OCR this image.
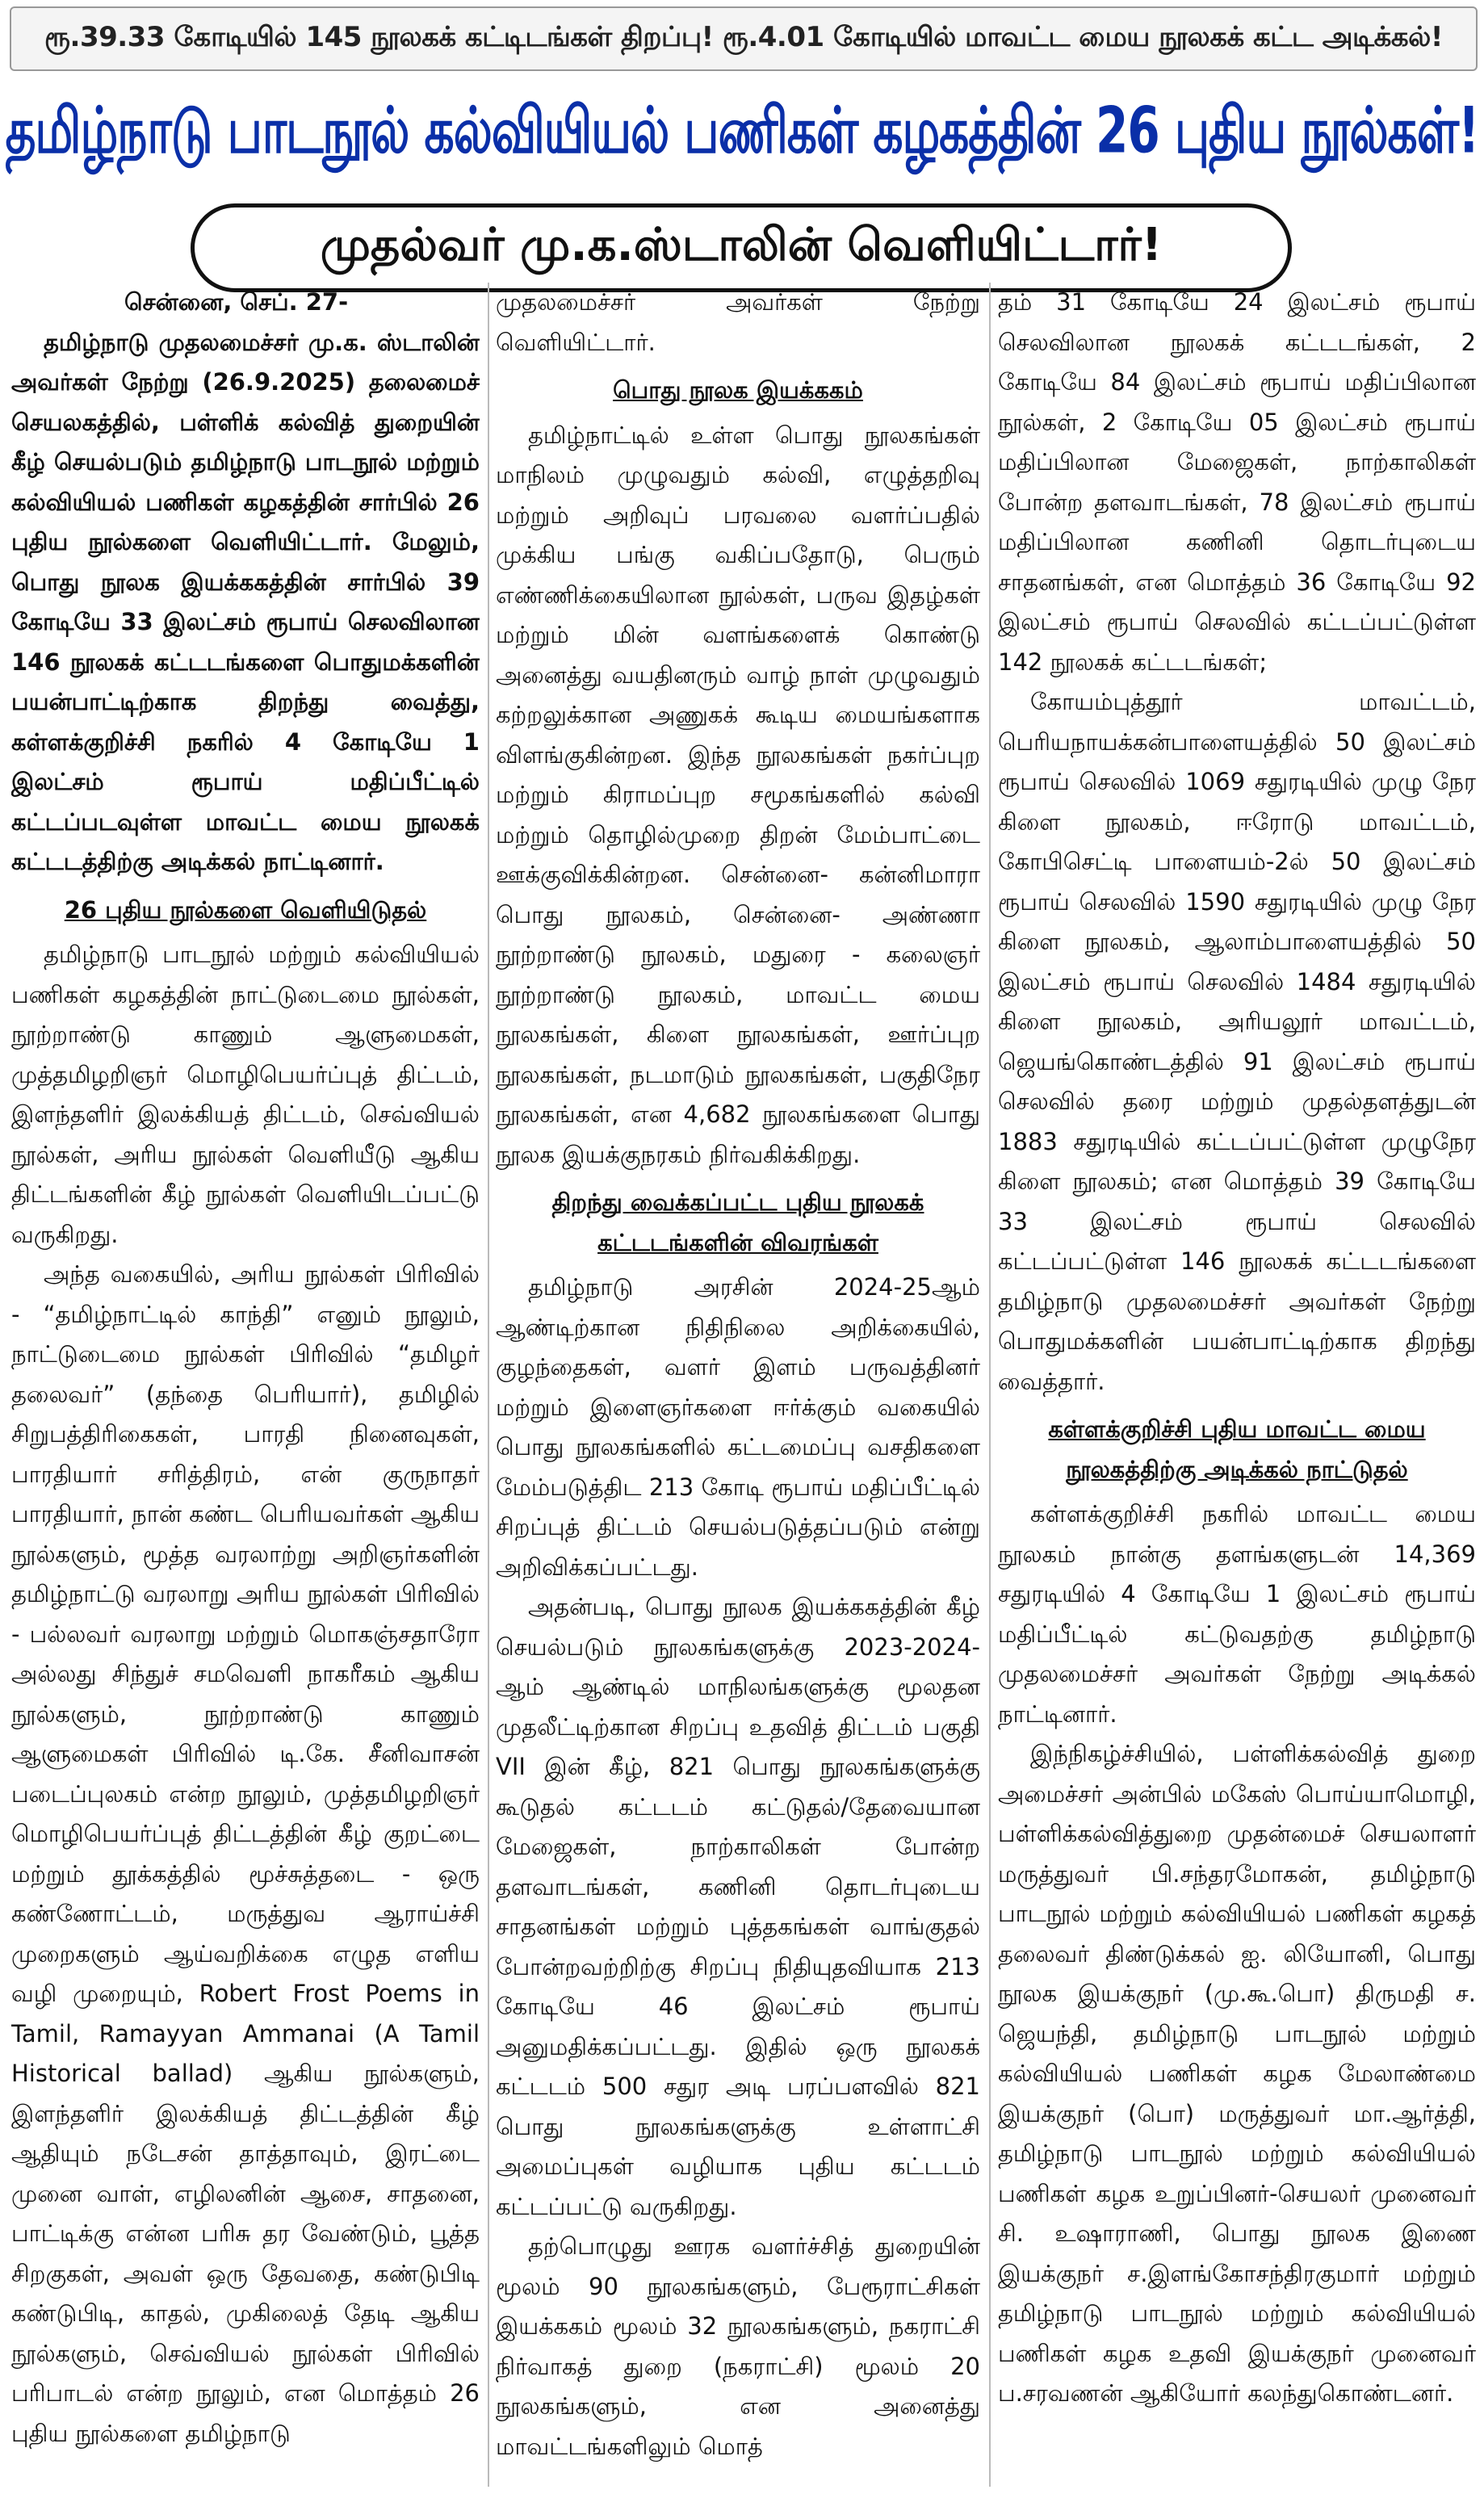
ரூ.39.33 கோடியில் 145 நூலகக் கட்டிடங்கள் திறப்பு! ரூ.4.01 கோடியில் மாவட்ட மைய நூலகக் கட்ட அடிக்கல்!
தமிழ்நாடு பாடநூல் கல்வியியல் பணிகள் கழகத்தின் 26 புதிய நூல்கள்!
முதல்வர் மு.க.ஸ்டாலின் வெளியிட்டார்!

சென்னை, செப். 27-

தமிழ்நாடு முதலமைச்சர் மு.க. ஸ்டாலின் அவர்கள் நேற்று (26.9.2025) தலைமைச் செயலகத்தில், பள்ளிக் கல்வித் துறையின் கீழ் செயல்படும் தமிழ்நாடு பாடநூல் மற்றும் கல்வியியல் பணிகள் கழகத்தின் சார்பில் 26 புதிய நூல்களை வெளியிட்டார். மேலும், பொது நூலக இயக்ககத்தின் சார்பில் 39 கோடியே 33 இலட்சம் ரூபாய் செலவிலான 146 நூலகக் கட்டடங்களை பொதுமக்களின் பயன்பாட்டிற்காக திறந்து வைத்து, கள்ளக்குறிச்சி நகரில் 4 கோடியே 1 இலட்சம் ரூபாய் மதிப்பீட்டில் கட்டப்படவுள்ள மாவட்ட மைய நூலகக் கட்டடத்திற்கு அடிக்கல் நாட்டினார்.

26 புதிய நூல்களை வெளியிடுதல்

தமிழ்நாடு பாடநூல் மற்றும் கல்வியியல் பணிகள் கழகத்தின் நாட்டுடைமை நூல்கள், நூற்றாண்டு காணும் ஆளுமைகள், முத்தமிழறிஞர் மொழிபெயர்ப்புத் திட்டம், இளந்தளிர் இலக்கியத் திட்டம், செவ்வியல் நூல்கள், அரிய நூல்கள் வெளியீடு ஆகிய திட்டங்களின் கீழ் நூல்கள் வெளியிடப்பட்டு வருகிறது.

அந்த வகையில், அரிய நூல்கள் பிரிவில் - “தமிழ்நாட்டில் காந்தி” எனும் நூலும், நாட்டுடைமை நூல்கள் பிரிவில் “தமிழர் தலைவர்” (தந்தை பெரியார்), தமிழில் சிறுபத்திரிகைகள், பாரதி நினைவுகள், பாரதியார் சரித்திரம், என் குருநாதர் பாரதியார், நான் கண்ட பெரியவர்கள் ஆகிய நூல்களும், மூத்த வரலாற்று அறிஞர்களின் தமிழ்நாட்டு வரலாறு அரிய நூல்கள் பிரிவில் - பல்லவர் வரலாறு மற்றும் மொகஞ்சதாரோ அல்லது சிந்துச் சமவெளி நாகரீகம் ஆகிய நூல்களும், நூற்றாண்டு காணும் ஆளுமைகள் பிரிவில் டி.கே. சீனிவாசன் படைப்புலகம் என்ற நூலும், முத்தமிழறிஞர் மொழிபெயர்ப்புத் திட்டத்தின் கீழ் குறட்டை மற்றும் தூக்கத்தில் மூச்சுத்தடை - ஒரு கண்ணோட்டம், மருத்துவ ஆராய்ச்சி முறைகளும் ஆய்வறிக்கை எழுத எளிய வழி முறையும், Robert Frost Poems in Tamil, Ramayyan Ammanai (A Tamil Historical ballad) ஆகிய நூல்களும், இளந்தளிர் இலக்கியத் திட்டத்தின் கீழ் ஆதியும் நடேசன் தாத்தாவும், இரட்டை முனை வாள், எழிலனின் ஆசை, சாதனை, பாட்டிக்கு என்ன பரிசு தர வேண்டும், பூத்த சிறகுகள், அவள் ஒரு தேவதை, கண்டுபிடி கண்டுபிடி, காதல், முகிலைத் தேடி ஆகிய நூல்களும், செவ்வியல் நூல்கள் பிரிவில் பரிபாடல் என்ற நூலும், என மொத்தம் 26 புதிய நூல்களை தமிழ்நாடு

முதலமைச்சர் அவர்கள் நேற்று வெளியிட்டார்.

பொது நூலக இயக்ககம்

தமிழ்நாட்டில் உள்ள பொது நூலகங்கள் மாநிலம் முழுவதும் கல்வி, எழுத்தறிவு மற்றும் அறிவுப் பரவலை வளர்ப்பதில் முக்கிய பங்கு வகிப்பதோடு, பெரும் எண்ணிக்கையிலான நூல்கள், பருவ இதழ்கள் மற்றும் மின் வளங்களைக் கொண்டு அனைத்து வயதினரும் வாழ் நாள் முழுவதும் கற்றலுக்கான அணுகக் கூடிய மையங்களாக விளங்குகின்றன. இந்த நூலகங்கள் நகர்ப்புற மற்றும் கிராமப்புற சமூகங்களில் கல்வி மற்றும் தொழில்முறை திறன் மேம்பாட்டை ஊக்குவிக்கின்றன. சென்னை- கன்னிமாரா பொது நூலகம், சென்னை- அண்ணா நூற்றாண்டு நூலகம், மதுரை - கலைஞர் நூற்றாண்டு நூலகம், மாவட்ட மைய நூலகங்கள், கிளை நூலகங்கள், ஊர்ப்புற நூலகங்கள், நடமாடும் நூலகங்கள், பகுதிநேர நூலகங்கள், என 4,682 நூலகங்களை பொது நூலக இயக்குநரகம் நிர்வகிக்கிறது.

திறந்து வைக்கப்பட்ட புதிய நூலகக் கட்டடங்களின் விவரங்கள்

தமிழ்நாடு அரசின் 2024-25ஆம் ஆண்டிற்கான நிதிநிலை அறிக்கையில், குழந்தைகள், வளர் இளம் பருவத்தினர் மற்றும் இளைஞர்களை ஈர்க்கும் வகையில் பொது நூலகங்களில் கட்டமைப்பு வசதிகளை மேம்படுத்திட 213 கோடி ரூபாய் மதிப்பீட்டில் சிறப்புத் திட்டம் செயல்படுத்தப்படும் என்று அறிவிக்கப்பட்டது.

அதன்படி, பொது நூலக இயக்ககத்தின் கீழ் செயல்படும் நூலகங்களுக்கு 2023-2024-ஆம் ஆண்டில் மாநிலங்களுக்கு மூலதன முதலீட்டிற்கான சிறப்பு உதவித் திட்டம் பகுதி VII இன் கீழ், 821 பொது நூலகங்களுக்கு கூடுதல் கட்டடம் கட்டுதல்/தேவையான மேஜைகள், நாற்காலிகள் போன்ற தளவாடங்கள், கணினி தொடர்புடைய சாதனங்கள் மற்றும் புத்தகங்கள் வாங்குதல் போன்றவற்றிற்கு சிறப்பு நிதியுதவியாக 213 கோடியே 46 இலட்சம் ரூபாய் அனுமதிக்கப்பட்டது. இதில் ஒரு நூலகக் கட்டடம் 500 சதுர அடி பரப்பளவில் 821 பொது நூலகங்களுக்கு உள்ளாட்சி அமைப்புகள் வழியாக புதிய கட்டடம் கட்டப்பட்டு வருகிறது.

தற்பொழுது ஊரக வளர்ச்சித் துறையின் மூலம் 90 நூலகங்களும், பேரூராட்சிகள் இயக்ககம் மூலம் 32 நூலகங்களும், நகராட்சி நிர்வாகத் துறை (நகராட்சி) மூலம் 20 நூலகங்களும், என அனைத்து மாவட்டங்களிலும் மொத்

தம் 31 கோடியே 24 இலட்சம் ரூபாய் செலவிலான நூலகக் கட்டடங்கள், 2 கோடியே 84 இலட்சம் ரூபாய் மதிப்பிலான நூல்கள், 2 கோடியே 05 இலட்சம் ரூபாய் மதிப்பிலான மேஜைகள், நாற்காலிகள் போன்ற தளவாடங்கள், 78 இலட்சம் ரூபாய் மதிப்பிலான கணினி தொடர்புடைய சாதனங்கள், என மொத்தம் 36 கோடியே 92 இலட்சம் ரூபாய் செலவில் கட்டப்பட்டுள்ள 142 நூலகக் கட்டடங்கள்;

கோயம்புத்தூர் மாவட்டம், பெரியநாயக்கன்பாளையத்தில் 50 இலட்சம் ரூபாய் செலவில் 1069 சதுரடியில் முழு நேர கிளை நூலகம், ஈரோடு மாவட்டம், கோபிசெட்டி பாளையம்-2ல் 50 இலட்சம் ரூபாய் செலவில் 1590 சதுரடியில் முழு நேர கிளை நூலகம், ஆலாம்பாளையத்தில் 50 இலட்சம் ரூபாய் செலவில் 1484 சதுரடியில் கிளை நூலகம், அரியலூர் மாவட்டம், ஜெயங்கொண்டத்தில் 91 இலட்சம் ரூபாய் செலவில் தரை மற்றும் முதல்தளத்துடன் 1883 சதுரடியில் கட்டப்பட்டுள்ள முழுநேர கிளை நூலகம்; என மொத்தம் 39 கோடியே 33 இலட்சம் ரூபாய் செலவில் கட்டப்பட்டுள்ள 146 நூலகக் கட்டடங்களை தமிழ்நாடு முதலமைச்சர் அவர்கள் நேற்று பொதுமக்களின் பயன்பாட்டிற்காக திறந்து வைத்தார்.

கள்ளக்குறிச்சி புதிய மாவட்ட மைய நூலகத்திற்கு அடிக்கல் நாட்டுதல்

கள்ளக்குறிச்சி நகரில் மாவட்ட மைய நூலகம் நான்கு தளங்களுடன் 14,369 சதுரடியில் 4 கோடியே 1 இலட்சம் ரூபாய் மதிப்பீட்டில் கட்டுவதற்கு தமிழ்நாடு முதலமைச்சர் அவர்கள் நேற்று அடிக்கல் நாட்டினார்.

இந்நிகழ்ச்சியில், பள்ளிக்கல்வித் துறை அமைச்சர் அன்பில் மகேஸ் பொய்யாமொழி, பள்ளிக்கல்வித்துறை முதன்மைச் செயலாளர் மருத்துவர் பி.சந்தரமோகன், தமிழ்நாடு பாடநூல் மற்றும் கல்வியியல் பணிகள் கழகத் தலைவர் திண்டுக்கல் ஐ. லியோனி, பொது நூலக இயக்குநர் (மு.கூ.பொ) திருமதி ச. ஜெயந்தி, தமிழ்நாடு பாடநூல் மற்றும் கல்வியியல் பணிகள் கழக மேலாண்மை இயக்குநர் (பொ) மருத்துவர் மா.ஆர்த்தி, தமிழ்நாடு பாடநூல் மற்றும் கல்வியியல் பணிகள் கழக உறுப்பினர்-செயலர் முனைவர் சி. உஷாராணி, பொது நூலக இணை இயக்குநர் ச.இளங்கோசந்திரகுமார் மற்றும் தமிழ்நாடு பாடநூல் மற்றும் கல்வியியல் பணிகள் கழக உதவி இயக்குநர் முனைவர் ப.சரவணன் ஆகியோர் கலந்துகொண்டனர்.
